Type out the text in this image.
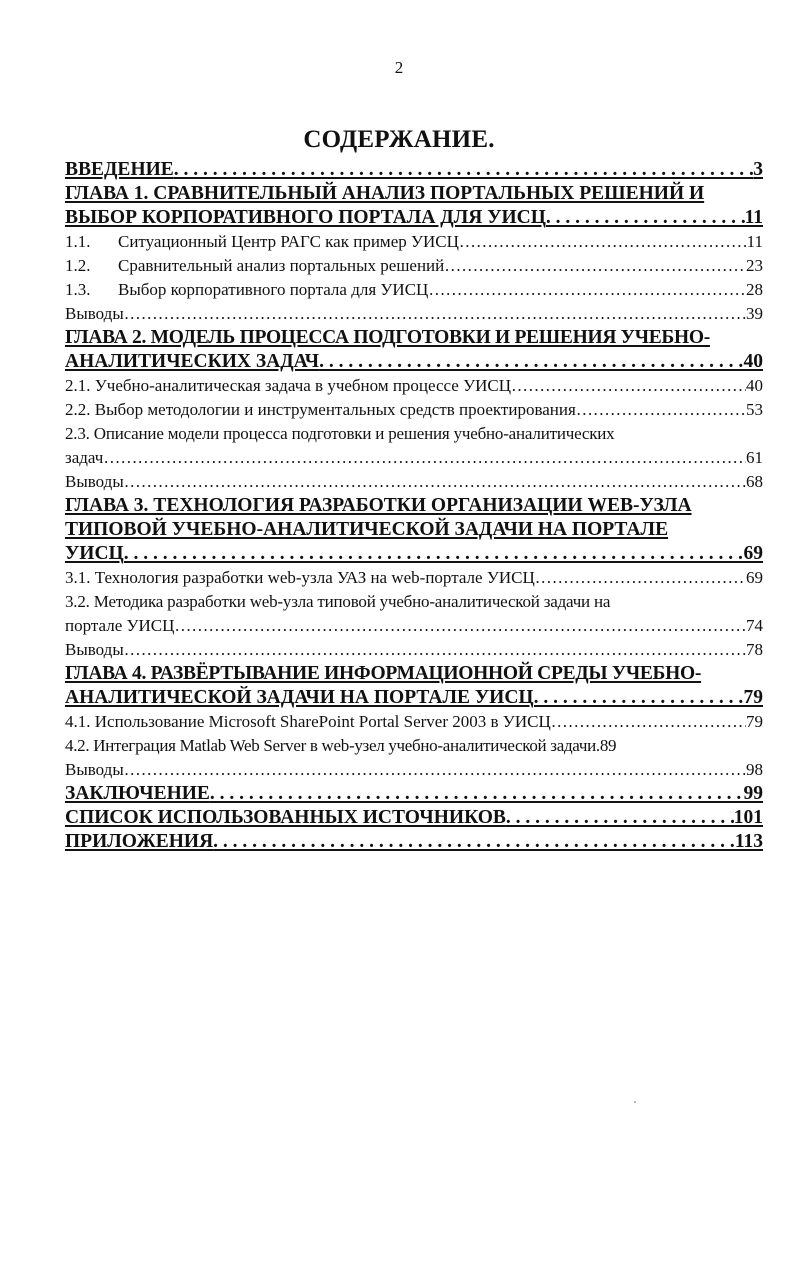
2
СОДЕРЖАНИЕ.
ВВЕДЕНИЕ . . .	3
ГЛАВА 1. СРАВНИТЕЛЬНЫЙ АНАЛИЗ ПОРТАЛЬНЫХ РЕШЕНИЙ И
ВЫБОР КОРПОРАТИВНОГО ПОРТАЛА ДЛЯ УИСЦ . . .	11
1.1. Ситуационный Центр РАГС как пример УИСЦ ……………………………………………………………………………………………………………………………………………………………………………………………………………………………	11
1.2. Сравнительный анализ портальных решений ……………………………………………………………………………………………………………………………………………………………………………………………………………………………	23
1.3. Выбор корпоративного портала для УИСЦ ……………………………………………………………………………………………………………………………………………………………………………………………………………………………	28
Выводы ……………………………………………………………………………………………………………………………………………………………………………………………………………………………	39
ГЛАВА 2. МОДЕЛЬ ПРОЦЕССА ПОДГОТОВКИ И РЕШЕНИЯ УЧЕБНО-
АНАЛИТИЧЕСКИХ ЗАДАЧ . . .	40
2.1. Учебно-аналитическая задача в учебном процессе УИСЦ ……………………………………………………………………………………………………………………………………………………………………………………………………………………………	40
2.2. Выбор методологии и инструментальных средств проектирования ……………………………………………………………………………………………………………………………………………………………………………………………………………………………	53
2.3. Описание модели процесса подготовки и решения учебно-аналитических
задач ……………………………………………………………………………………………………………………………………………………………………………………………………………………………	61
Выводы ……………………………………………………………………………………………………………………………………………………………………………………………………………………………	68
ГЛАВА 3. ТЕХНОЛОГИЯ РАЗРАБОТКИ ОРГАНИЗАЦИИ WEB-УЗЛА
ТИПОВОЙ УЧЕБНО-АНАЛИТИЧЕСКОЙ ЗАДАЧИ НА ПОРТАЛЕ
УИСЦ . . .	69
3.1. Технология разработки web-узла УАЗ на web-портале УИСЦ ……………………………………………………………………………………………………………………………………………………………………………………………………………………………	69
3.2. Методика разработки web-узла типовой учебно-аналитической задачи на
портале УИСЦ ……………………………………………………………………………………………………………………………………………………………………………………………………………………………	74
Выводы ……………………………………………………………………………………………………………………………………………………………………………………………………………………………	78
ГЛАВА 4. РАЗВЁРТЫВАНИЕ ИНФОРМАЦИОННОЙ СРЕДЫ УЧЕБНО-
АНАЛИТИЧЕСКОЙ ЗАДАЧИ НА ПОРТАЛЕ УИСЦ . . .	79
4.1. Использование Microsoft SharePoint Portal Server 2003 в УИСЦ ……………………………………………………………………………………………………………………………………………………………………………………………………………………………	79
4.2. Интеграция Matlab Web Server в web-узел учебно-аналитической задачи. 89
Выводы ……………………………………………………………………………………………………………………………………………………………………………………………………………………………	98
ЗАКЛЮЧЕНИЕ . . .	99
СПИСОК ИСПОЛЬЗОВАННЫХ ИСТОЧНИКОВ . . .	101
ПРИЛОЖЕНИЯ . . .	113
